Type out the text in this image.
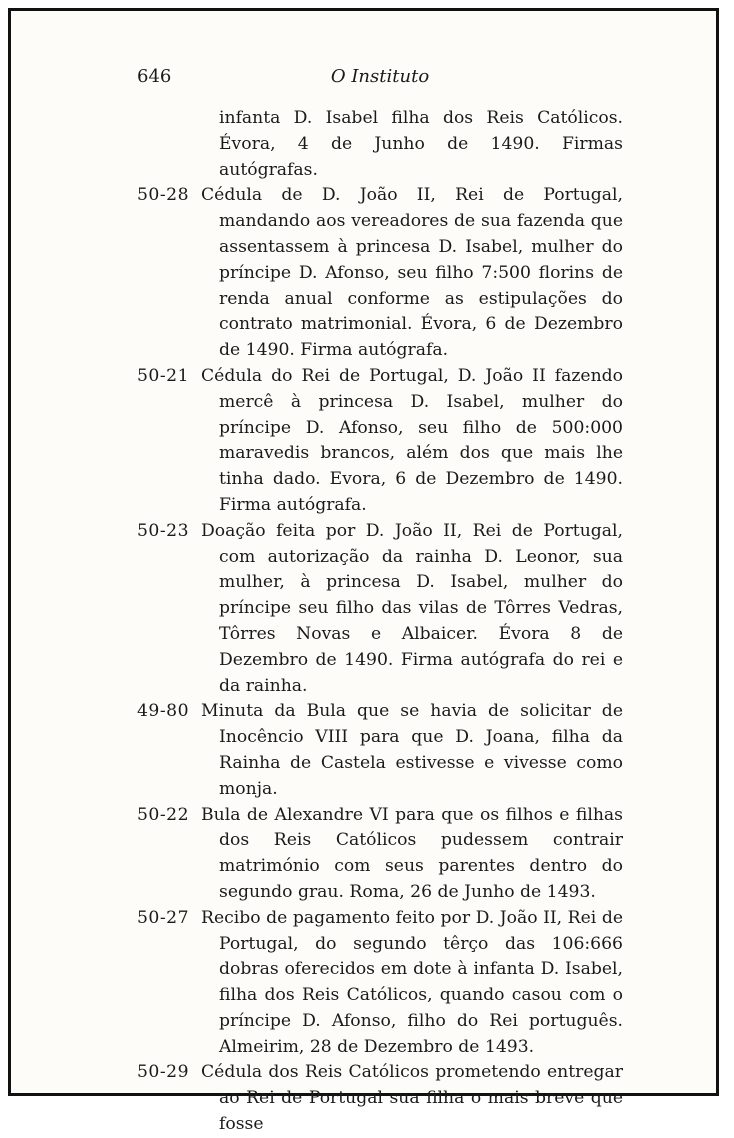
646	O Instituto
infanta D. Isabel filha dos Reis Católicos. Évora, 4 de Junho de 1490. Firmas autógrafas.
50-28 Cédula de D. João II, Rei de Portugal, mandando aos vereadores de sua fazenda que assentassem à princesa D. Isabel, mulher do príncipe D. Afonso, seu filho 7:500 florins de renda anual conforme as estipulações do contrato matrimonial. Évora, 6 de Dezembro de 1490. Firma autógrafa.
50-21 Cédula do Rei de Portugal, D. João II fazendo mercê à princesa D. Isabel, mulher do príncipe D. Afonso, seu filho de 500:000 maravedis brancos, além dos que mais lhe tinha dado. Evora, 6 de Dezembro de 1490. Firma autógrafa.
50-23 Doação feita por D. João II, Rei de Portugal, com autorização da rainha D. Leonor, sua mulher, à princesa D. Isabel, mulher do príncipe seu filho das vilas de Tôrres Vedras, Tôrres Novas e Albaicer. Évora 8 de Dezembro de 1490. Firma autógrafa do rei e da rainha.
49-80 Minuta da Bula que se havia de solicitar de Inocêncio VIII para que D. Joana, filha da Rainha de Castela estivesse e vivesse como monja.
50-22 Bula de Alexandre VI para que os filhos e filhas dos Reis Católicos pudessem contrair matrimónio com seus parentes dentro do segundo grau. Roma, 26 de Junho de 1493.
50-27 Recibo de pagamento feito por D. João II, Rei de Portugal, do segundo têrço das 106:666 dobras oferecidos em dote à infanta D. Isabel, filha dos Reis Católicos, quando casou com o príncipe D. Afonso, filho do Rei português. Almeirim, 28 de Dezembro de 1493.
50-29 Cédula dos Reis Católicos prometendo entregar ao Rei de Portugal sua filha o mais breve que fosse
